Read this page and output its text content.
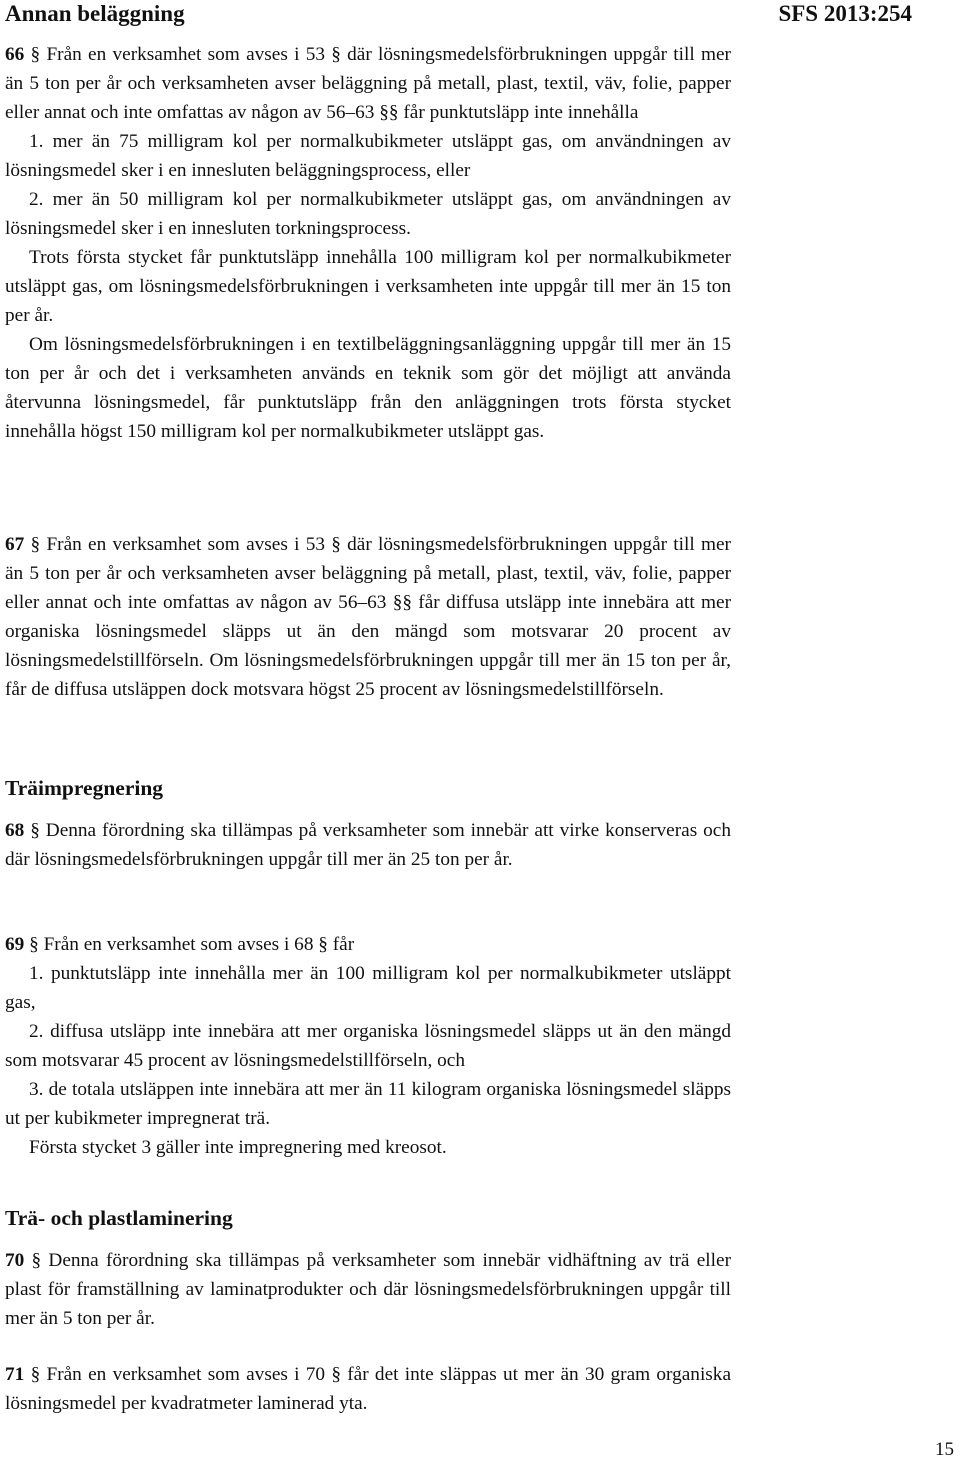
Annan beläggning	SFS 2013:254

66 § Från en verksamhet som avses i 53 § där lösningsmedelsförbrukningen uppgår till mer än 5 ton per år och verksamheten avser beläggning på metall, plast, textil, väv, folie, papper eller annat och inte omfattas av någon av 56–63 §§ får punktutsläpp inte innehålla

1. mer än 75 milligram kol per normalkubikmeter utsläppt gas, om användningen av lösningsmedel sker i en innesluten beläggningsprocess, eller

2. mer än 50 milligram kol per normalkubikmeter utsläppt gas, om användningen av lösningsmedel sker i en innesluten torkningsprocess.

Trots första stycket får punktutsläpp innehålla 100 milligram kol per normalkubikmeter utsläppt gas, om lösningsmedelsförbrukningen i verksamheten inte uppgår till mer än 15 ton per år.

Om lösningsmedelsförbrukningen i en textilbeläggningsanläggning uppgår till mer än 15 ton per år och det i verksamheten används en teknik som gör det möjligt att använda återvunna lösningsmedel, får punktutsläpp från den anläggningen trots första stycket innehålla högst 150 milligram kol per normalkubikmeter utsläppt gas.

67 § Från en verksamhet som avses i 53 § där lösningsmedelsförbrukningen uppgår till mer än 5 ton per år och verksamheten avser beläggning på metall, plast, textil, väv, folie, papper eller annat och inte omfattas av någon av 56–63 §§ får diffusa utsläpp inte innebära att mer organiska lösningsmedel släpps ut än den mängd som motsvarar 20 procent av lösningsmedelstillförseln. Om lösningsmedelsförbrukningen uppgår till mer än 15 ton per år, får de diffusa utsläppen dock motsvara högst 25 procent av lösningsmedelstillförseln.

Träimpregnering

68 § Denna förordning ska tillämpas på verksamheter som innebär att virke konserveras och där lösningsmedelsförbrukningen uppgår till mer än 25 ton per år.

69 § Från en verksamhet som avses i 68 § får

1. punktutsläpp inte innehålla mer än 100 milligram kol per normalkubikmeter utsläppt gas,

2. diffusa utsläpp inte innebära att mer organiska lösningsmedel släpps ut än den mängd som motsvarar 45 procent av lösningsmedelstillförseln, och

3. de totala utsläppen inte innebära att mer än 11 kilogram organiska lösningsmedel släpps ut per kubikmeter impregnerat trä.

Första stycket 3 gäller inte impregnering med kreosot.

Trä- och plastlaminering

70 § Denna förordning ska tillämpas på verksamheter som innebär vidhäftning av trä eller plast för framställning av laminatprodukter och där lösningsmedelsförbrukningen uppgår till mer än 5 ton per år.

71 § Från en verksamhet som avses i 70 § får det inte släppas ut mer än 30 gram organiska lösningsmedel per kvadratmeter laminerad yta.

15
